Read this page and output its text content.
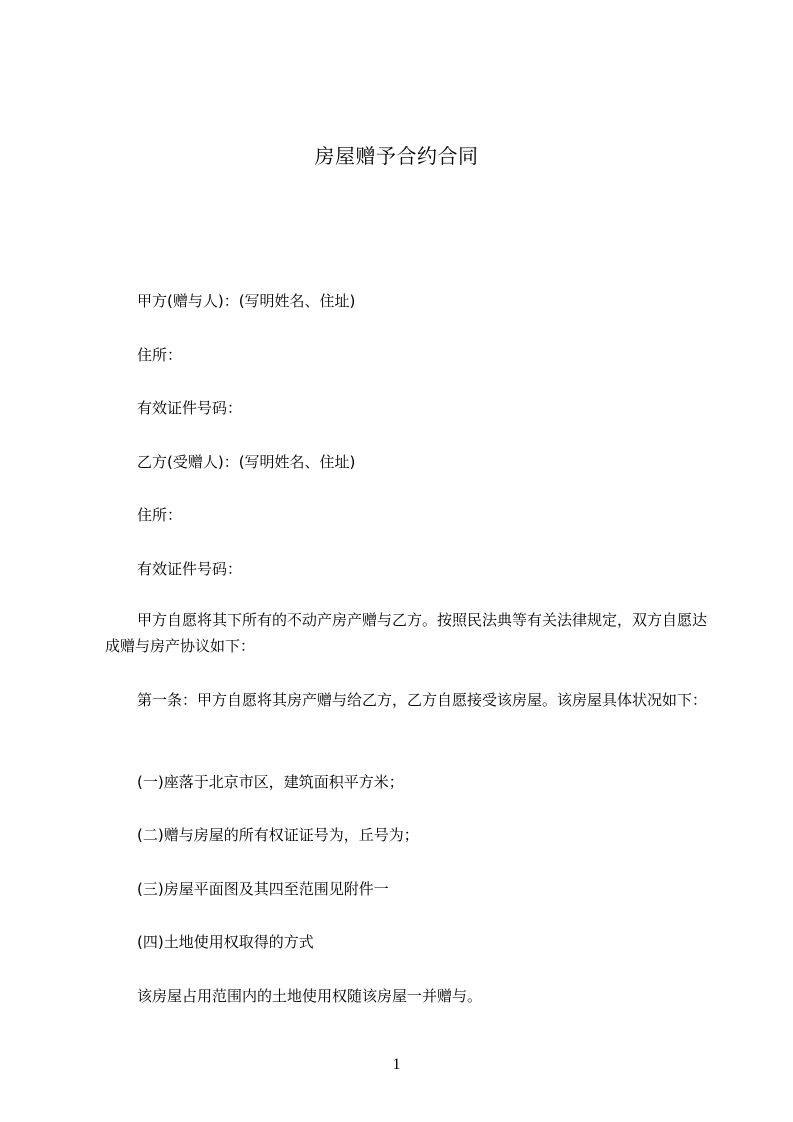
房屋赠予合约合同

甲方(赠与人)：(写明姓名、住址)

住所：

有效证件号码：

乙方(受赠人)：(写明姓名、住址)

住所：

有效证件号码：

甲方自愿将其下所有的不动产房产赠与乙方。按照民法典等有关法律规定，双方自愿达成赠与房产协议如下：

第一条：甲方自愿将其房产赠与给乙方，乙方自愿接受该房屋。该房屋具体状况如下：

(一)座落于北京市区，建筑面积平方米；

(二)赠与房屋的所有权证证号为，丘号为；

(三)房屋平面图及其四至范围见附件一

(四)土地使用权取得的方式

该房屋占用范围内的土地使用权随该房屋一并赠与。

1
